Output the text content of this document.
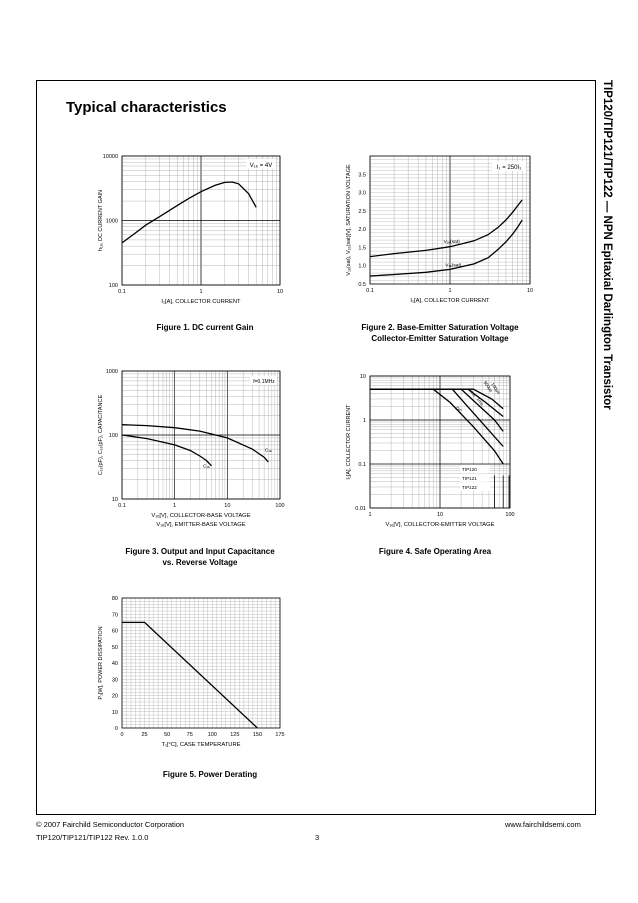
TIP120/TIP121/TIP122 — NPN Epitaxial Darlington Transistor
Typical characteristics
0.1	1	10
100
1000
10000
I₁[A], COLLECTOR CURRENT
h₁ₑ, DC CURRENT GAIN
0.1	1	10
0.5
1.0
1.5
2.0
2.5
3.0
3.5
I₁[A], COLLECTOR CURRENT
V₁ₑ(sat), V₁ₑ(sat)[V], SATURATION VOLTAGE
0.1	1	10	100
10
100
1000
V₁ₑ[V], COLLECTOR-BASE VOLTAGE
V₁ₑ[V], EMITTER-BASE VOLTAGE
C₁ₑ(pF), C₁ₑ(pF), CAPACITANCE
1	10	100
0.01
0.1
1
10
V₁ₑ[V], COLLECTOR-EMITTER VOLTAGE
I₁[A], COLLECTOR CURRENT
0	25	50	75	100 125 150 175
0
10
20
30
40
50
60
70
80
T₁[°C], CASE TEMPERATURE
P₁[W], POWER DISSIPATION
V₁ₑ = 4V	I₁ = 250I₁
V₁ₑ(sat)
V₁ₑ(sat)
f=0.1MHz
C₁ₑ
C₁ₑ	TIP120
TIP121
TIP122
DC
1ms
5ms	100µs
500µs
Figure 1. DC current Gain	Figure 2. Base-Emitter Saturation Voltage
Collector-Emitter Saturation Voltage
Figure 3. Output and Input Capacitance
vs. Reverse Voltage
Figure 4. Safe Operating Area
Figure 5. Power Derating
© 2007 Fairchild Semiconductor Corporation
TIP120/TIP121/TIP122 Rev. 1.0.0	3
www.fairchildsemi.com
